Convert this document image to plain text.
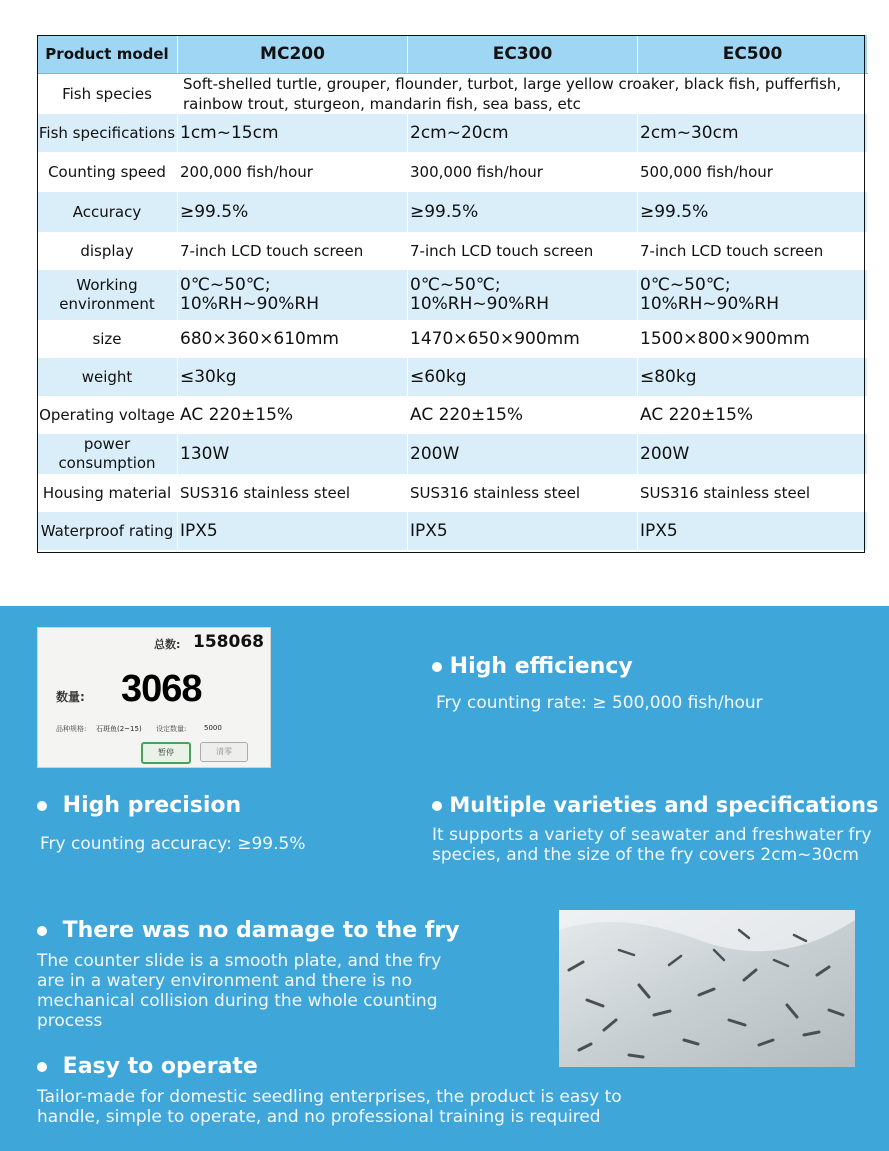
Product model	MC200	EC300	EC500
Fish species	Soft-shelled turtle, grouper, flounder, turbot, large yellow croaker, black fish, pufferfish, rainbow trout, sturgeon, mandarin fish, sea bass, etc		
Fish specifications	1cm~15cm	2cm~20cm	2cm~30cm
Counting speed	200,000 fish/hour	300,000 fish/hour	500,000 fish/hour
Accuracy	≥99.5%	≥99.5%	≥99.5%
display	7-inch LCD touch screen	7-inch LCD touch screen	7-inch LCD touch screen
Working environment	0℃~50℃; 10%RH~90%RH	0℃~50℃; 10%RH~90%RH	0℃~50℃; 10%RH~90%RH
size	680×360×610mm	1470×650×900mm	1500×800×900mm
weight	≤30kg	≤60kg	≤80kg
Operating voltage	AC 220±15%	AC 220±15%	AC 220±15%
power consumption	130W	200W	200W
Housing material	SUS316 stainless steel	SUS316 stainless steel	SUS316 stainless steel
Waterproof rating	IPX5	IPX5	IPX5
总数: 158068
数量: 3068
品种规格: 石斑鱼(2~15) 设定数量:	5000
暂停	清零
High efficiency
Fry counting rate: ≥ 500,000 fish/hour
High precision
Fry counting accuracy: ≥99.5%
Multiple varieties and specifications
It supports a variety of seawater and freshwater fry species, and the size of the fry covers 2cm~30cm
There was no damage to the fry
The counter slide is a smooth plate, and the fry are in a watery environment and there is no mechanical collision during the whole counting process
Easy to operate
Tailor-made for domestic seedling enterprises, the product is easy to handle, simple to operate, and no professional training is required
